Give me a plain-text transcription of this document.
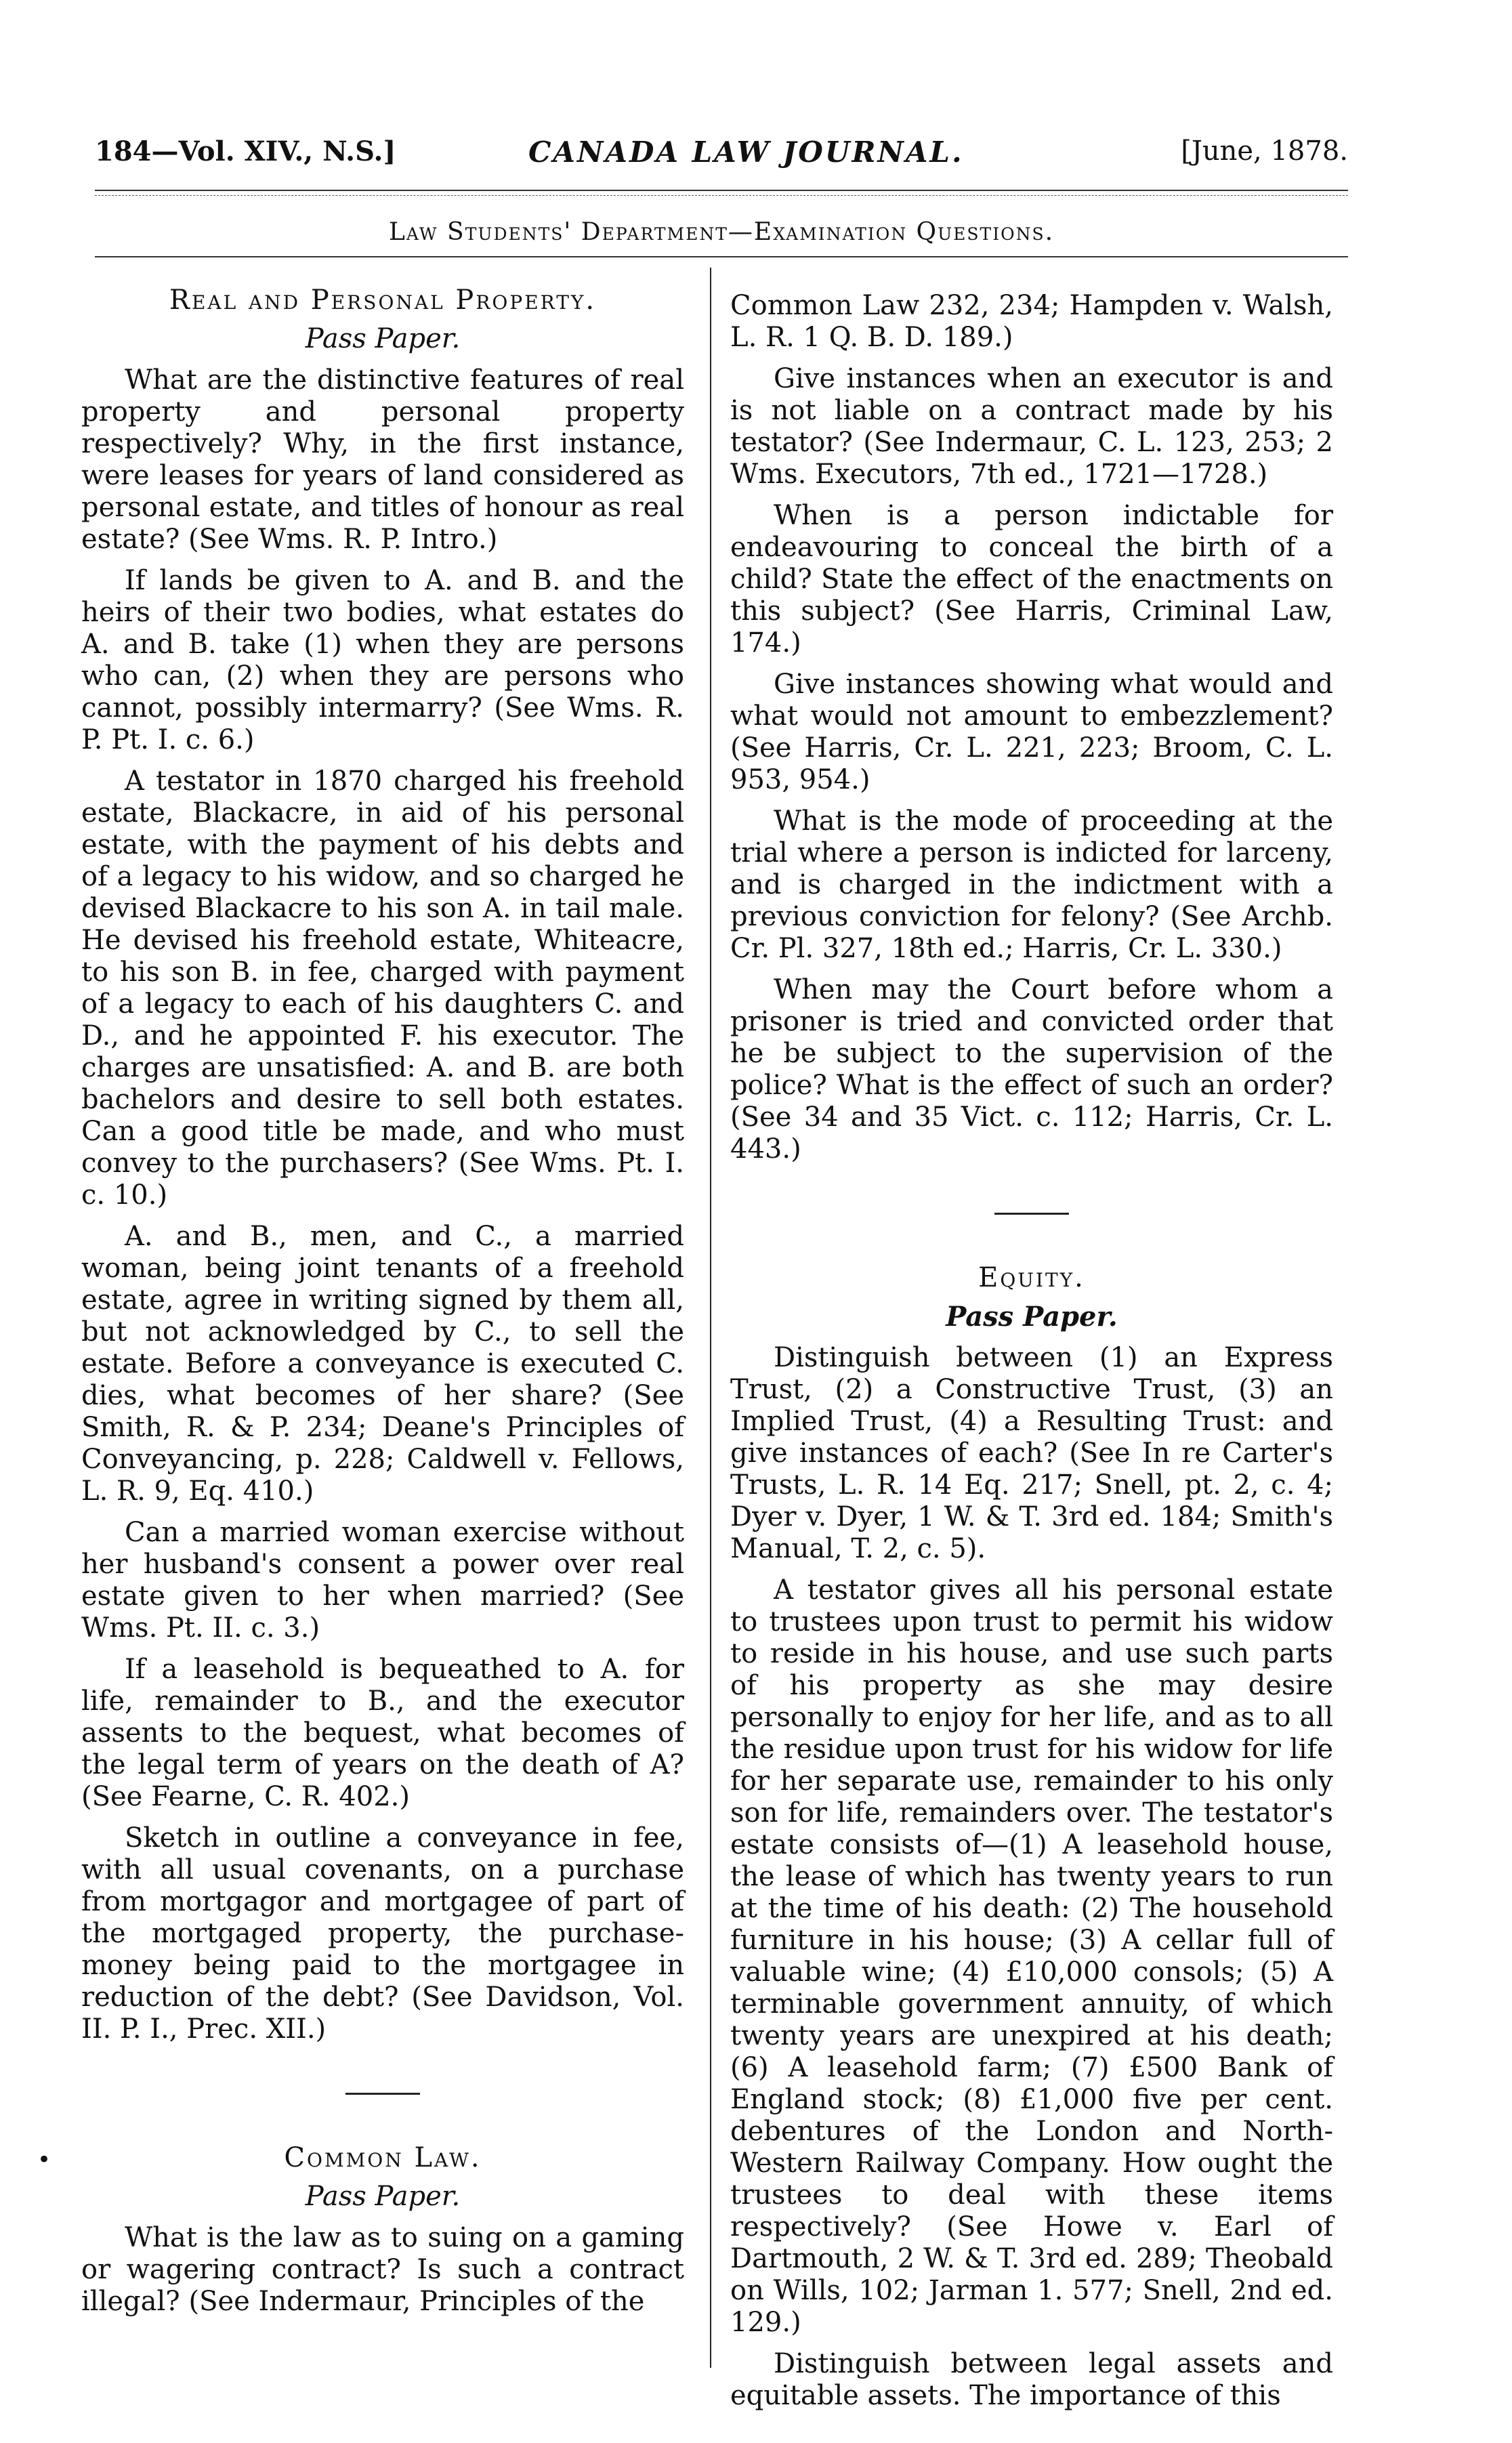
184—Vol. XIV., N.S.]	CANADA LAW JOURNAL.	[June, 1878.
Law Students' Department—Examination Questions.
•
Real and Personal Property.
Pass Paper.

What are the distinctive features of real property and personal property respectively? Why, in the first instance, were leases for years of land considered as personal estate, and titles of honour as real estate? (See Wms. R. P. Intro.)

If lands be given to A. and B. and the heirs of their two bodies, what estates do A. and B. take (1) when they are persons who can, (2) when they are persons who cannot, possibly intermarry? (See Wms. R. P. Pt. I. c. 6.)

A testator in 1870 charged his freehold estate, Blackacre, in aid of his personal estate, with the payment of his debts and of a legacy to his widow, and so charged he devised Blackacre to his son A. in tail male. He devised his freehold estate, Whiteacre, to his son B. in fee, charged with payment of a legacy to each of his daughters C. and D., and he appointed F. his executor. The charges are unsatisfied: A. and B. are both bachelors and desire to sell both estates. Can a good title be made, and who must convey to the purchasers? (See Wms. Pt. I. c. 10.)

A. and B., men, and C., a married woman, being joint tenants of a freehold estate, agree in writing signed by them all, but not acknowledged by C., to sell the estate. Before a conveyance is executed C. dies, what becomes of her share? (See Smith, R. & P. 234; Deane's Principles of Conveyancing, p. 228; Caldwell v. Fellows, L. R. 9, Eq. 410.)

Can a married woman exercise without her husband's consent a power over real estate given to her when married? (See Wms. Pt. II. c. 3.)

If a leasehold is bequeathed to A. for life, remainder to B., and the executor assents to the bequest, what becomes of the legal term of years on the death of A? (See Fearne, C. R. 402.)

Sketch in outline a conveyance in fee, with all usual covenants, on a purchase from mortgagor and mortgagee of part of the mortgaged property, the purchase-money being paid to the mortgagee in reduction of the debt? (See Davidson, Vol. II. P. I., Prec. XII.)

Common Law.
Pass Paper.

What is the law as to suing on a gaming or wagering contract? Is such a contract illegal? (See Indermaur, Principles of the

Common Law 232, 234; Hampden v. Walsh, L. R. 1 Q. B. D. 189.)

Give instances when an executor is and is not liable on a contract made by his testator? (See Indermaur, C. L. 123, 253; 2 Wms. Executors, 7th ed., 1721—1728.)

When is a person indictable for endeavouring to conceal the birth of a child? State the effect of the enactments on this subject? (See Harris, Criminal Law, 174.)

Give instances showing what would and what would not amount to embezzlement? (See Harris, Cr. L. 221, 223; Broom, C. L. 953, 954.)

What is the mode of proceeding at the trial where a person is indicted for larceny, and is charged in the indictment with a previous conviction for felony? (See Archb. Cr. Pl. 327, 18th ed.; Harris, Cr. L. 330.)

When may the Court before whom a prisoner is tried and convicted order that he be subject to the supervision of the police? What is the effect of such an order? (See 34 and 35 Vict. c. 112; Harris, Cr. L. 443.)

Equity.
Pass Paper.

Distinguish between (1) an Express Trust, (2) a Constructive Trust, (3) an Implied Trust, (4) a Resulting Trust: and give instances of each? (See In re Carter's Trusts, L. R. 14 Eq. 217; Snell, pt. 2, c. 4; Dyer v. Dyer, 1 W. & T. 3rd ed. 184; Smith's Manual, T. 2, c. 5).

A testator gives all his personal estate to trustees upon trust to permit his widow to reside in his house, and use such parts of his property as she may desire personally to enjoy for her life, and as to all the residue upon trust for his widow for life for her separate use, remainder to his only son for life, remainders over. The testator's estate consists of—(1) A leasehold house, the lease of which has twenty years to run at the time of his death: (2) The household furniture in his house; (3) A cellar full of valuable wine; (4) £10,000 consols; (5) A terminable government annuity, of which twenty years are unexpired at his death; (6) A leasehold farm; (7) £500 Bank of England stock; (8) £1,000 five per cent. debentures of the London and North-Western Railway Company. How ought the trustees to deal with these items respectively? (See Howe v. Earl of Dartmouth, 2 W. & T. 3rd ed. 289; Theobald on Wills, 102; Jarman 1. 577; Snell, 2nd ed. 129.)

Distinguish between legal assets and equitable assets. The importance of this
